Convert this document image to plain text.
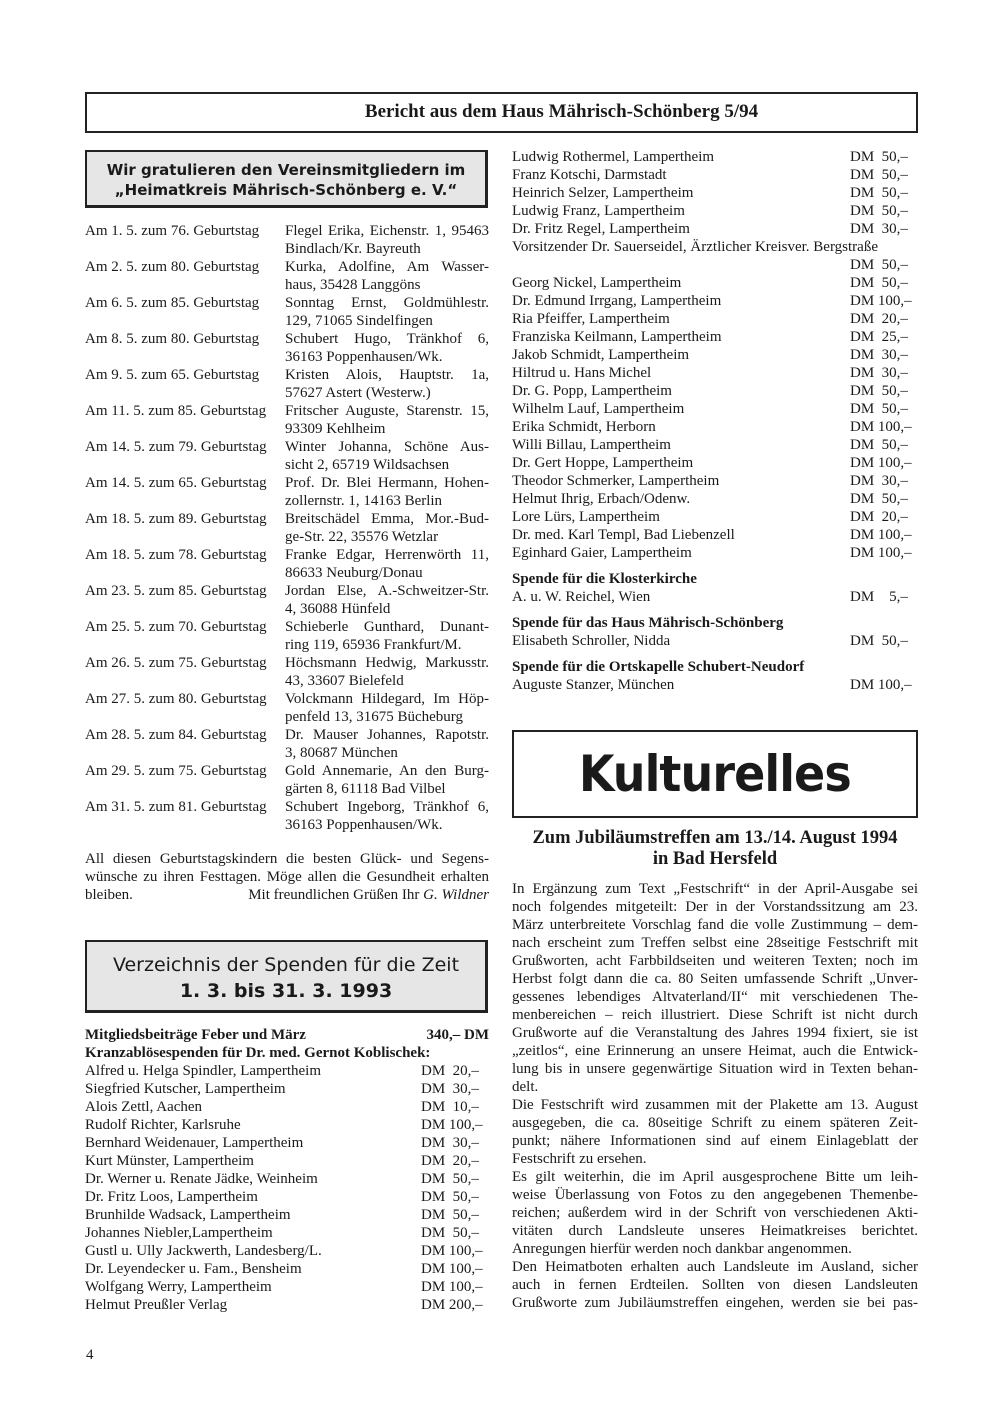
Bericht aus dem Haus Mährisch-Schönberg 5/94
Wir gratulieren den Vereinsmitgliedern im
„Heimatkreis Mährisch-Schönberg e. V.“
Am 1. 5. zum 76. Geburtstag	Flegel Erika, Eichenstr. 1, 95463
Bindlach/Kr. Bayreuth
Am 2. 5. zum 80. Geburtstag	Kurka, Adolfine, Am Wasser-
haus, 35428 Langgöns
Am 6. 5. zum 85. Geburtstag	Sonntag Ernst, Goldmühlestr.
129, 71065 Sindelfingen
Am 8. 5. zum 80. Geburtstag	Schubert Hugo, Tränkhof 6,
36163 Poppenhausen/Wk.
Am 9. 5. zum 65. Geburtstag	Kristen Alois, Hauptstr. 1a,
57627 Astert (Westerw.)
Am 11. 5. zum 85. Geburtstag	Fritscher Auguste, Starenstr. 15,
93309 Kehlheim
Am 14. 5. zum 79. Geburtstag	Winter Johanna, Schöne Aus-
sicht 2, 65719 Wildsachsen
Am 14. 5. zum 65. Geburtstag	Prof. Dr. Blei Hermann, Hohen-
zollernstr. 1, 14163 Berlin
Am 18. 5. zum 89. Geburtstag	Breitschädel Emma, Mor.-Bud-
ge-Str. 22, 35576 Wetzlar
Am 18. 5. zum 78. Geburtstag	Franke Edgar, Herrenwörth 11,
86633 Neuburg/Donau
Am 23. 5. zum 85. Geburtstag	Jordan Else, A.-Schweitzer-Str.
4, 36088 Hünfeld
Am 25. 5. zum 70. Geburtstag	Schieberle Gunthard, Dunant-
ring 119, 65936 Frankfurt/M.
Am 26. 5. zum 75. Geburtstag	Höchsmann Hedwig, Markusstr.
43, 33607 Bielefeld
Am 27. 5. zum 80. Geburtstag	Volckmann Hildegard, Im Höp-
penfeld 13, 31675 Bücheburg
Am 28. 5. zum 84. Geburtstag	Dr. Mauser Johannes, Rapotstr.
3, 80687 München
Am 29. 5. zum 75. Geburtstag	Gold Annemarie, An den Burg-
gärten 8, 61118 Bad Vilbel
Am 31. 5. zum 81. Geburtstag	Schubert Ingeborg, Tränkhof 6,
36163 Poppenhausen/Wk.
All diesen Geburtstagskindern die besten Glück- und Segens-
wünsche zu ihren Festtagen. Möge allen die Gesundheit erhalten
bleiben.	Mit freundlichen Grüßen Ihr G. Wildner
Verzeichnis der Spenden für die Zeit
1. 3. bis 31. 3. 1993
Mitgliedsbeiträge Feber und März	340,– DM
Kranzablösespenden für Dr. med. Gernot Koblischek:
Alfred u. Helga Spindler, Lampertheim	DM  20,–
Siegfried Kutscher, Lampertheim	DM  30,–
Alois Zettl, Aachen	DM  10,–
Rudolf Richter, Karlsruhe	DM 100,–
Bernhard Weidenauer, Lampertheim	DM  30,–
Kurt Münster, Lampertheim	DM  20,–
Dr. Werner u. Renate Jädke, Weinheim	DM  50,–
Dr. Fritz Loos, Lampertheim	DM  50,–
Brunhilde Wadsack, Lampertheim	DM  50,–
Johannes Niebler,Lampertheim	DM  50,–
Gustl u. Ully Jackwerth, Landesberg/L.	DM 100,–
Dr. Leyendecker u. Fam., Bensheim	DM 100,–
Wolfgang Werry, Lampertheim	DM 100,–
Helmut Preußler Verlag	DM 200,–
Ludwig Rothermel, Lampertheim	DM  50,–
Franz Kotschi, Darmstadt	DM  50,–
Heinrich Selzer, Lampertheim	DM  50,–
Ludwig Franz, Lampertheim	DM  50,–
Dr. Fritz Regel, Lampertheim	DM  30,–
Vorsitzender Dr. Sauerseidel, Ärztlicher Kreisver. Bergstraße
DM  50,–
Georg Nickel, Lampertheim	DM  50,–
Dr. Edmund Irrgang, Lampertheim	DM 100,–
Ria Pfeiffer, Lampertheim	DM  20,–
Franziska Keilmann, Lampertheim	DM  25,–
Jakob Schmidt, Lampertheim	DM  30,–
Hiltrud u. Hans Michel	DM  30,–
Dr. G. Popp, Lampertheim	DM  50,–
Wilhelm Lauf, Lampertheim	DM  50,–
Erika Schmidt, Herborn	DM 100,–
Willi Billau, Lampertheim	DM  50,–
Dr. Gert Hoppe, Lampertheim	DM 100,–
Theodor Schmerker, Lampertheim	DM  30,–
Helmut Ihrig, Erbach/Odenw.	DM  50,–
Lore Lürs, Lampertheim	DM  20,–
Dr. med. Karl Templ, Bad Liebenzell	DM 100,–
Eginhard Gaier, Lampertheim	DM 100,–
Spende für die Klosterkirche
A. u. W. Reichel, Wien	DM    5,–
Spende für das Haus Mährisch-Schönberg
Elisabeth Schroller, Nidda	DM  50,–
Spende für die Ortskapelle Schubert-Neudorf
Auguste Stanzer, München	DM 100,–
Kulturelles
Zum Jubiläumstreffen am 13./14. August 1994
in Bad Hersfeld
In Ergänzung zum Text „Festschrift“ in der April-Ausgabe sei
noch folgendes mitgeteilt: Der in der Vorstandssitzung am 23.
März unterbreitete Vorschlag fand die volle Zustimmung – dem-
nach erscheint zum Treffen selbst eine 28seitige Festschrift mit
Grußworten, acht Farbbildseiten und weiteren Texten; noch im
Herbst folgt dann die ca. 80 Seiten umfassende Schrift „Unver-
gessenes lebendiges Altvaterland/II“ mit verschiedenen The-
menbereichen – reich illustriert. Diese Schrift ist nicht durch
Grußworte auf die Veranstaltung des Jahres 1994 fixiert, sie ist
„zeitlos“, eine Erinnerung an unsere Heimat, auch die Entwick-
lung bis in unsere gegenwärtige Situation wird in Texten behan-
delt.
Die Festschrift wird zusammen mit der Plakette am 13. August
ausgegeben, die ca. 80seitige Schrift zu einem späteren Zeit-
punkt; nähere Informationen sind auf einem Einlageblatt der
Festschrift zu ersehen.
Es gilt weiterhin, die im April ausgesprochene Bitte um leih-
weise Überlassung von Fotos zu den angegebenen Themenbe-
reichen; außerdem wird in der Schrift von verschiedenen Akti-
vitäten durch Landsleute unseres Heimatkreises berichtet.
Anregungen hierfür werden noch dankbar angenommen.
Den Heimatboten erhalten auch Landsleute im Ausland, sicher
auch in fernen Erdteilen. Sollten von diesen Landsleuten
Grußworte zum Jubiläumstreffen eingehen, werden sie bei pas-
4
